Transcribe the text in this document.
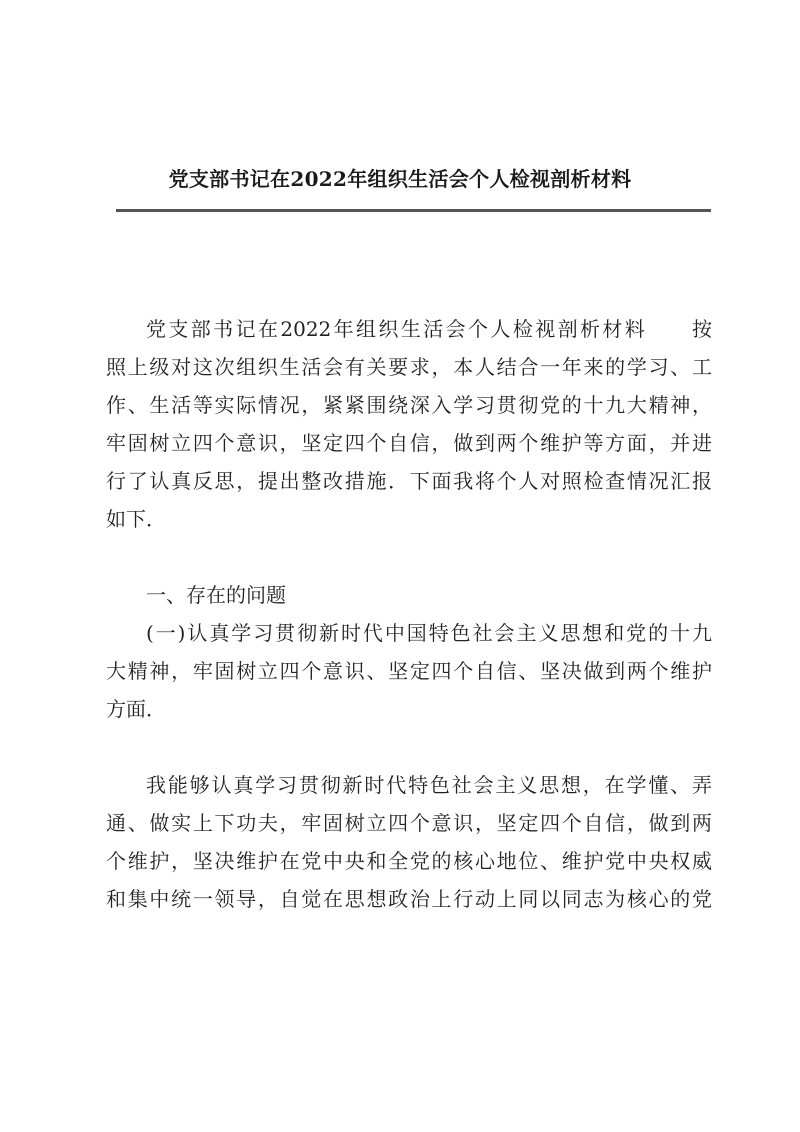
党支部书记在2022年组织生活会个人检视剖析材料
党支部书记在2022年组织生活会个人检视剖析材料　　按
照上级对这次组织生活会有关要求，本人结合一年来的学习、工
作、生活等实际情况，紧紧围绕深入学习贯彻党的十九大精神，
牢固树立四个意识，坚定四个自信，做到两个维护等方面，并进
行了认真反思，提出整改措施．下面我将个人对照检查情况汇报
如下．
一、存在的问题
(一)认真学习贯彻新时代中国特色社会主义思想和党的十九
大精神，牢固树立四个意识、坚定四个自信、坚决做到两个维护
方面．
我能够认真学习贯彻新时代特色社会主义思想，在学懂、弄
通、做实上下功夫，牢固树立四个意识，坚定四个自信，做到两
个维护，坚决维护在党中央和全党的核心地位、维护党中央权威
和集中统一领导，自觉在思想政治上行动上同以同志为核心的党
